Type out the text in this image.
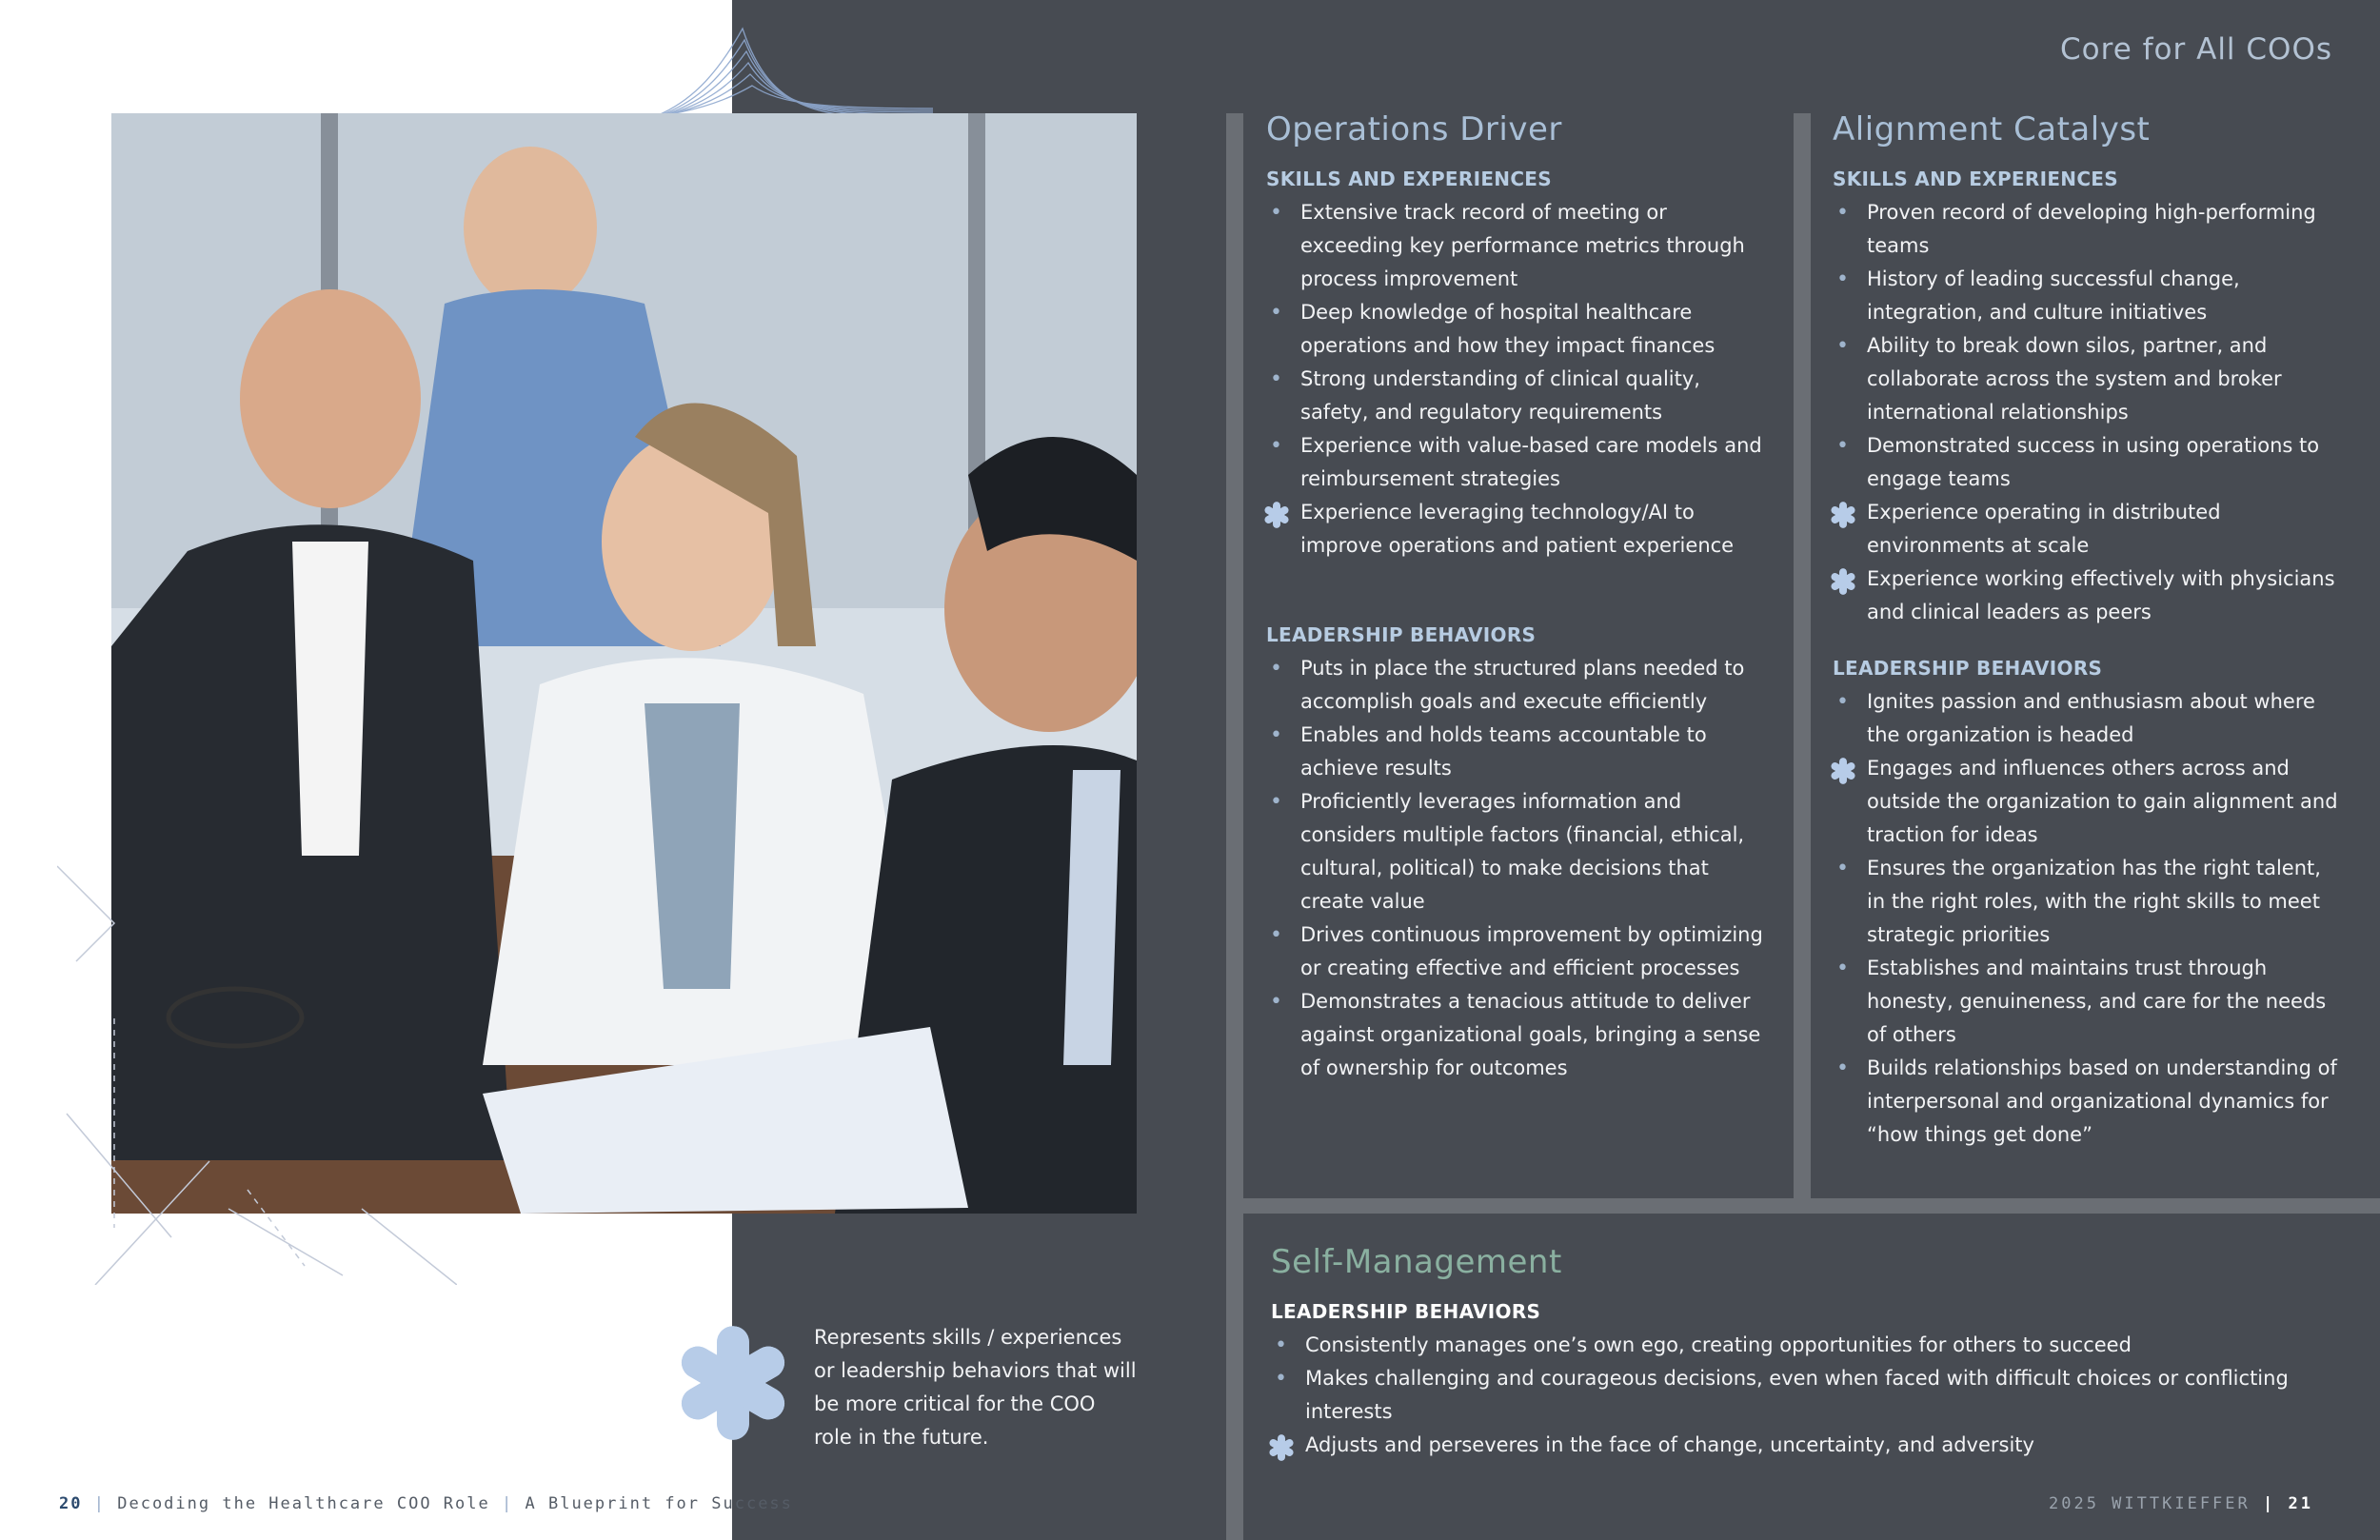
Core for All COOs
Operations Driver
SKILLS AND EXPERIENCES
• Extensive track record of meeting or exceeding key performance metrics through process improvement
• Deep knowledge of hospital healthcare operations and how they impact finances
• Strong understanding of clinical quality, safety, and regulatory requirements
• Experience with value-based care models and reimbursement strategies
Experience leveraging technology/AI to improve operations and patient experience
LEADERSHIP BEHAVIORS
• Puts in place the structured plans needed to accomplish goals and execute efficiently
• Enables and holds teams accountable to achieve results
• Proficiently leverages information and considers multiple factors (financial, ethical, cultural, political) to make decisions that create value
• Drives continuous improvement by optimizing or creating effective and efficient processes
• Demonstrates a tenacious attitude to deliver against organizational goals, bringing a sense of ownership for outcomes
Alignment Catalyst
SKILLS AND EXPERIENCES
• Proven record of developing high-performing teams
• History of leading successful change, integration, and culture initiatives
• Ability to break down silos, partner, and collaborate across the system and broker international relationships
• Demonstrated success in using operations to engage teams
Experience operating in distributed environments at scale
Experience working effectively with physicians and clinical leaders as peers
LEADERSHIP BEHAVIORS
• Ignites passion and enthusiasm about where the organization is headed
Engages and influences others across and outside the organization to gain alignment and traction for ideas
• Ensures the organization has the right talent, in the right roles, with the right skills to meet strategic priorities
• Establishes and maintains trust through honesty, genuineness, and care for the needs of others
• Builds relationships based on understanding of interpersonal and organizational dynamics for “how things get done”
Self-Management
LEADERSHIP BEHAVIORS
• Consistently manages one’s own ego, creating opportunities for others to succeed
• Makes challenging and courageous decisions, even when faced with difficult choices or conflicting interests
Adjusts and perseveres in the face of change, uncertainty, and adversity
Represents skills / experiences or leadership behaviors that will be more critical for the COO role in the future.
20 | Decoding the Healthcare COO Role | A Blueprint for Success	2025 WITTKIEFFER | 21
